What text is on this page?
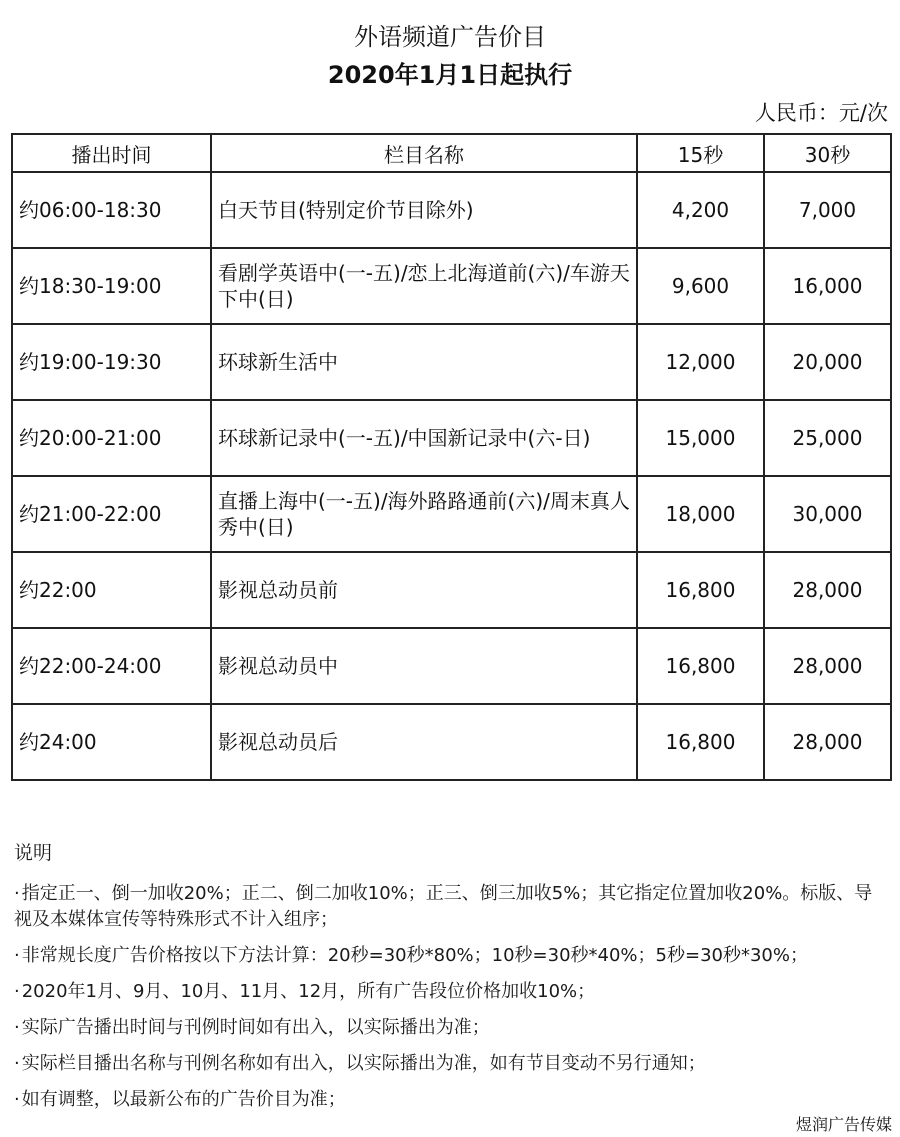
外语频道广告价目
2020年1月1日起执行
人民币：元/次
播出时间	栏目名称	15秒	30秒
约06:00-18:30	白天节目(特别定价节目除外)	4,200	7,000
约18:30-19:00	看剧学英语中(一-五)/恋上北海道前(六)/车游天下中(日)	9,600	16,000
约19:00-19:30	环球新生活中	12,000	20,000
约20:00-21:00	环球新记录中(一-五)/中国新记录中(六-日)	15,000	25,000
约21:00-22:00	直播上海中(一-五)/海外路路通前(六)/周末真人秀中(日)	18,000	30,000
约22:00	影视总动员前	16,800	28,000
约22:00-24:00	影视总动员中	16,800	28,000
约24:00	影视总动员后	16,800	28,000
说明
· 指定正一、倒一加收20%；正二、倒二加收10%；正三、倒三加收5%；其它指定位置加收20%。标版、导视及本媒体宣传等特殊形式不计入组序；
· 非常规长度广告价格按以下方法计算：20秒=30秒*80%；10秒=30秒*40%；5秒=30秒*30%；
· 2020年1月、9月、10月、11月、12月，所有广告段位价格加收10%；
· 实际广告播出时间与刊例时间如有出入，以实际播出为准；
· 实际栏目播出名称与刊例名称如有出入，以实际播出为准，如有节目变动不另行通知；
· 如有调整，以最新公布的广告价目为准；
煜润广告传媒
